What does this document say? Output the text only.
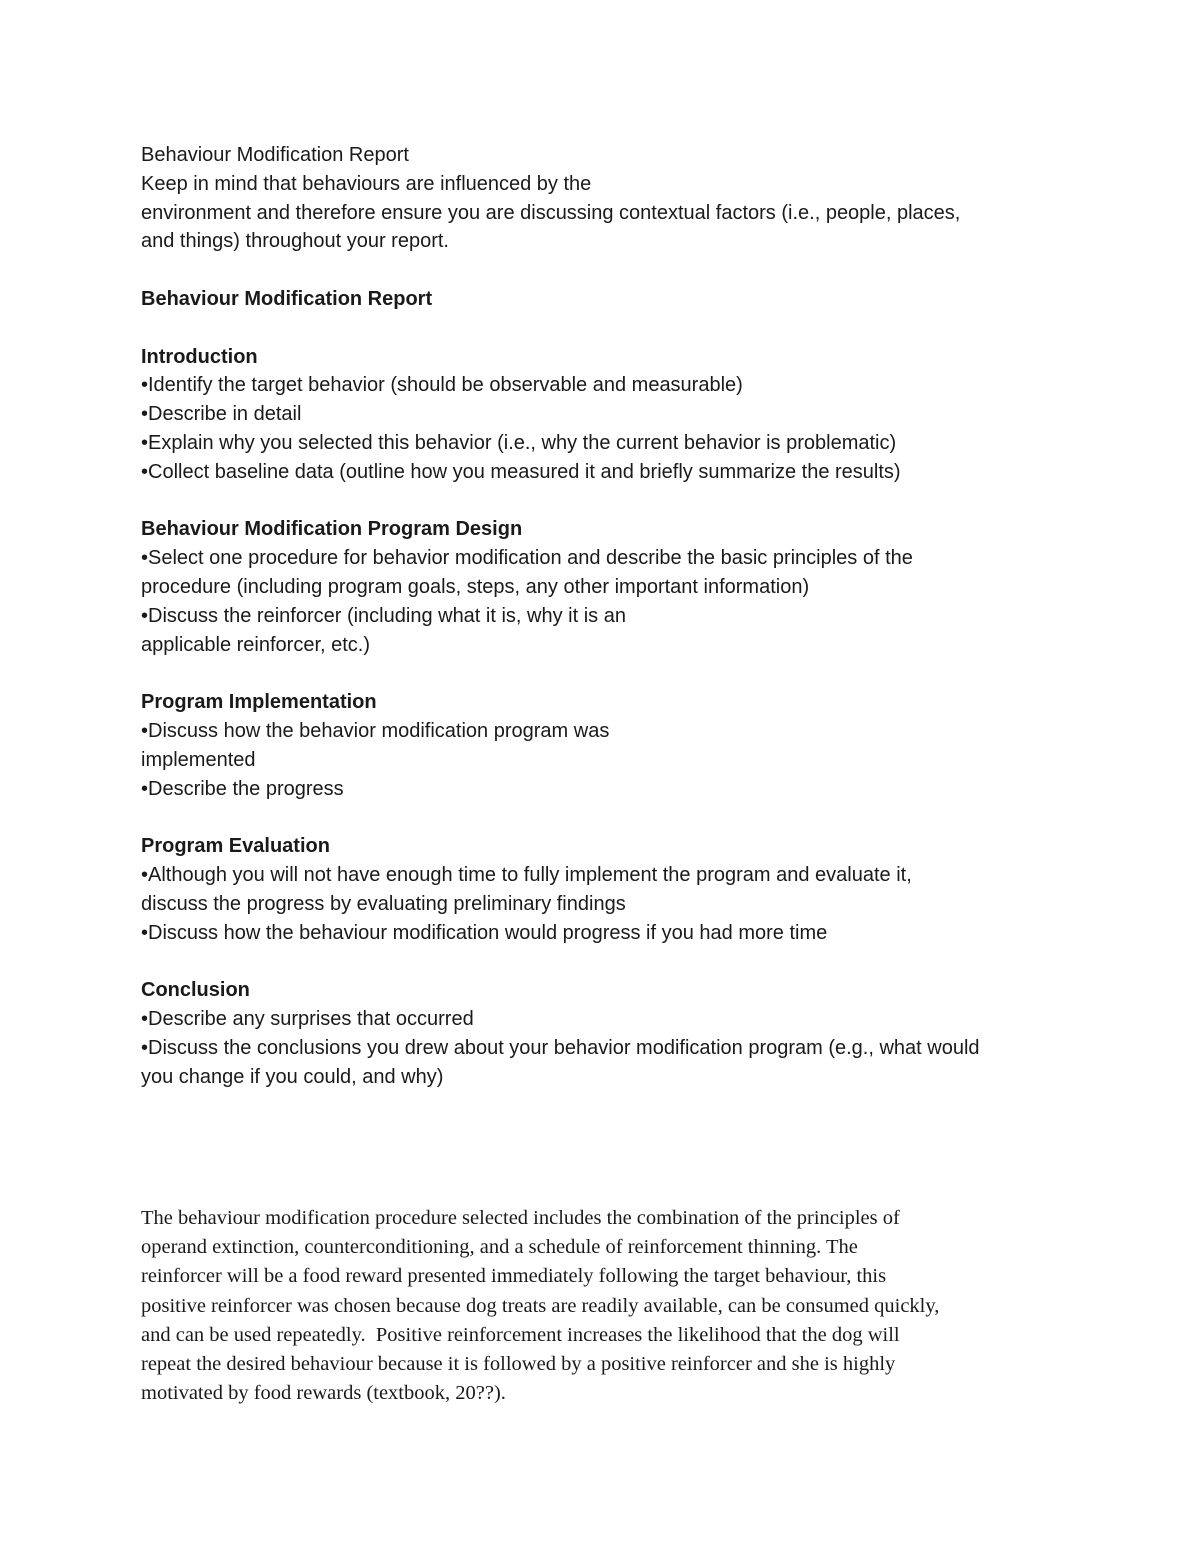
Behaviour Modification Report
Keep in mind that behaviours are influenced by the
environment and therefore ensure you are discussing contextual factors (i.e., people, places,
and things) throughout your report.
Behaviour Modification Report
Introduction
•Identify the target behavior (should be observable and measurable)
•Describe in detail
•Explain why you selected this behavior (i.e., why the current behavior is problematic)
•Collect baseline data (outline how you measured it and briefly summarize the results)
Behaviour Modification Program Design
•Select one procedure for behavior modification and describe the basic principles of the
procedure (including program goals, steps, any other important information)
•Discuss the reinforcer (including what it is, why it is an
applicable reinforcer, etc.)
Program Implementation
•Discuss how the behavior modification program was
implemented
•Describe the progress
Program Evaluation
•Although you will not have enough time to fully implement the program and evaluate it,
discuss the progress by evaluating preliminary findings
•Discuss how the behaviour modification would progress if you had more time
Conclusion
•Describe any surprises that occurred
•Discuss the conclusions you drew about your behavior modification program (e.g., what would
you change if you could, and why)
The behaviour modification procedure selected includes the combination of the principles of
operand extinction, counterconditioning, and a schedule of reinforcement thinning. The
reinforcer will be a food reward presented immediately following the target behaviour, this
positive reinforcer was chosen because dog treats are readily available, can be consumed quickly,
and can be used repeatedly.  Positive reinforcement increases the likelihood that the dog will
repeat the desired behaviour because it is followed by a positive reinforcer and she is highly
motivated by food rewards (textbook, 20??).
